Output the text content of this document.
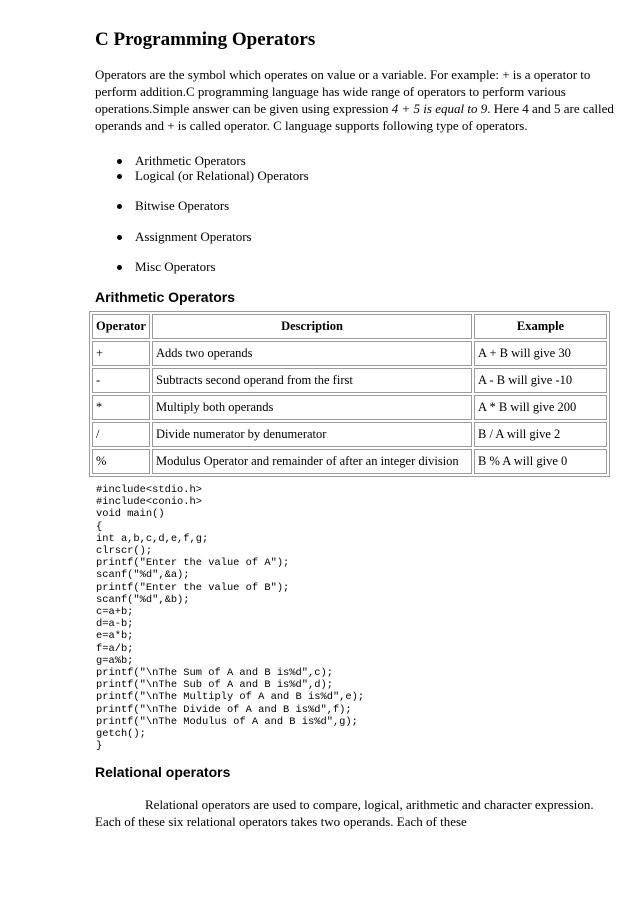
C Programming Operators

Operators are the symbol which operates on value or a variable. For example: + is a operator to perform addition.C programming language has wide range of operators to perform various operations.Simple answer can be given using expression 4 + 5 is equal to 9. Here 4 and 5 are called operands and + is called operator. C language supports following type of operators.

Arithmetic Operators
Logical (or Relational) Operators
Bitwise Operators
Assignment Operators
Misc Operators
Arithmetic Operators
Operator	Description	Example
+	Adds two operands	A + B will give 30
-	Subtracts second operand from the first	A - B will give -10
*	Multiply both operands	A * B will give 200
/	Divide numerator by denumerator	B / A will give 2
%	Modulus Operator and remainder of after an integer division	B % A will give 0
#include<stdio.h>
#include<conio.h>
void main()
{
int a,b,c,d,e,f,g;
clrscr();
printf("Enter the value of A");
scanf("%d",&a);
printf("Enter the value of B");
scanf("%d",&b);
c=a+b;
d=a-b;
e=a*b;
f=a/b;
g=a%b;
printf("\nThe Sum of A and B is%d",c);
printf("\nThe Sub of A and B is%d",d);
printf("\nThe Multiply of A and B is%d",e);
printf("\nThe Divide of A and B is%d",f);
printf("\nThe Modulus of A and B is%d",g);
getch();
}
Relational operators

Relational operators are used to compare, logical, arithmetic and character expression. Each of these six relational operators takes two operands. Each of these
